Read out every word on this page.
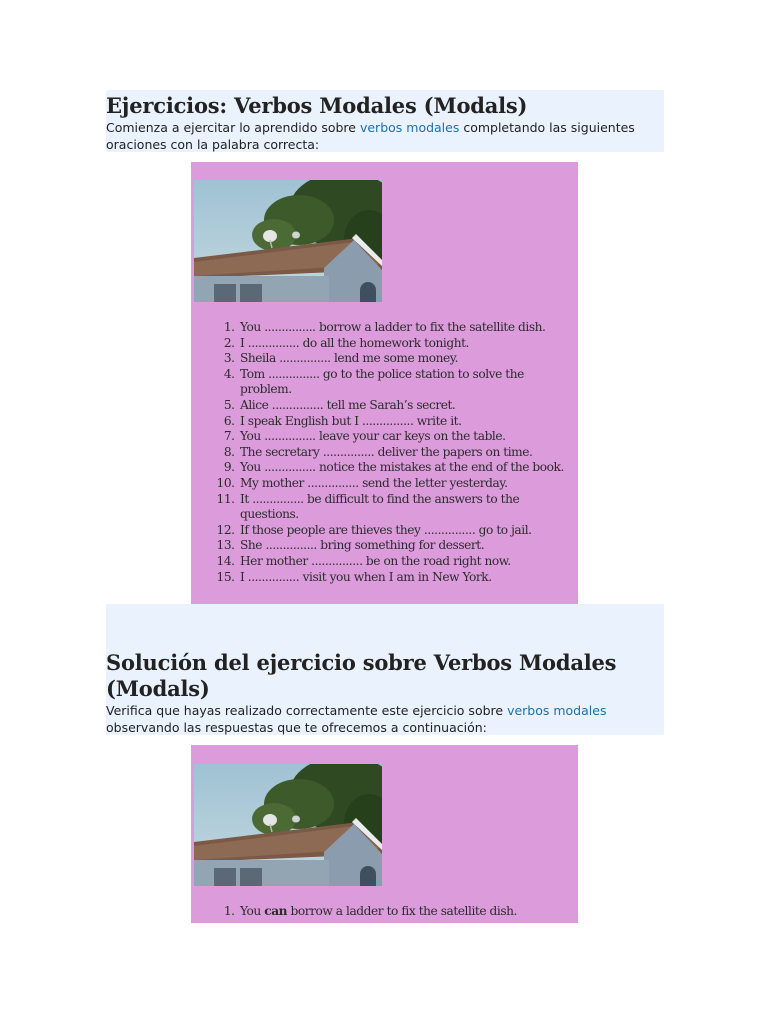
Ejercicios: Verbos Modales (Modals)

Comienza a ejercitar lo aprendido sobre verbos modales completando las siguientes oraciones con la palabra correcta:

1. You ............... borrow a ladder to fix the satellite dish.
2. I ............... do all the homework tonight.
3. Sheila ............... lend me some money.
4. Tom ............... go to the police station to solve the problem.
5. Alice ............... tell me Sarah’s secret.
6. I speak English but I ............... write it.
7. You ............... leave your car keys on the table.
8. The secretary ............... deliver the papers on time.
9. You ............... notice the mistakes at the end of the book.
10. My mother ............... send the letter yesterday.
11. It ............... be difficult to find the answers to the questions.
12. If those people are thieves they ............... go to jail.
13. She ............... bring something for dessert.
14. Her mother ............... be on the road right now.
15. I ............... visit you when I am in New York.
Solución del ejercicio sobre Verbos Modales (Modals)

Verifica que hayas realizado correctamente este ejercicio sobre verbos modales observando las respuestas que te ofrecemos a continuación:

1. You can borrow a ladder to fix the satellite dish.
